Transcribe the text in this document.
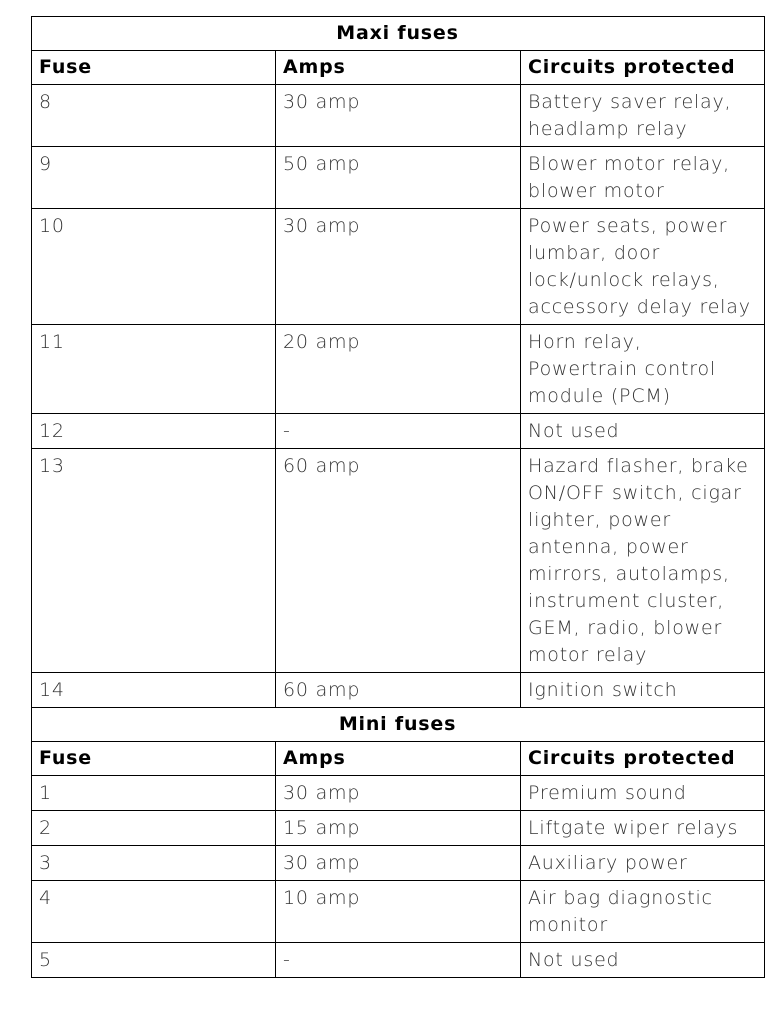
Maxi fuses		
Fuse	Amps	Circuits protected
8	30 amp	Battery saver relay, headlamp relay
9	50 amp	Blower motor relay, blower motor
10	30 amp	Power seats, power lumbar, door lock/unlock relays, accessory delay relay
11	20 amp	Horn relay, Powertrain control module (PCM)
12	-	Not used
13	60 amp	Hazard flasher, brake ON/OFF switch, cigar lighter, power antenna, power mirrors, autolamps, instrument cluster, GEM, radio, blower motor relay
14	60 amp	Ignition switch
Mini fuses		
Fuse	Amps	Circuits protected
1	30 amp	Premium sound
2	15 amp	Liftgate wiper relays
3	30 amp	Auxiliary power
4	10 amp	Air bag diagnostic monitor
5	-	Not used
